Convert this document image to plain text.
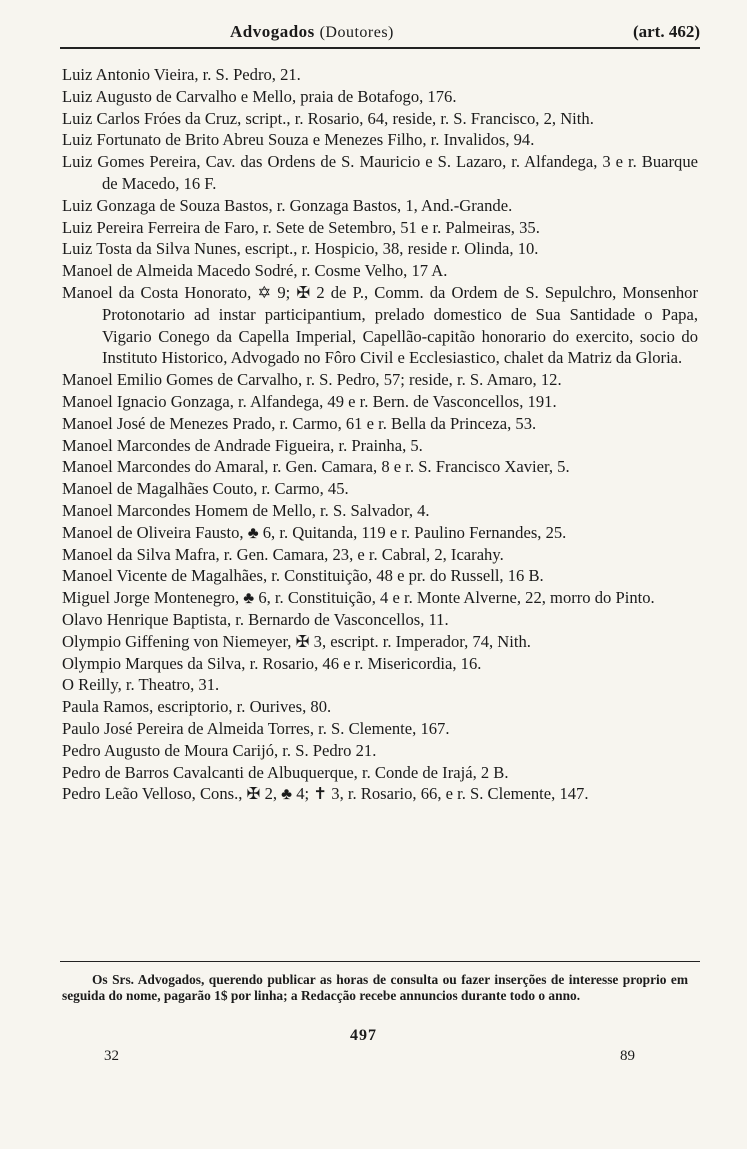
Advogados (Doutores)	(art. 462)
Luiz Antonio Vieira, r. S. Pedro, 21.
Luiz Augusto de Carvalho e Mello, praia de Botafogo, 176.
Luiz Carlos Fróes da Cruz, script., r. Rosario, 64, reside, r. S. Francisco, 2, Nith.
Luiz Fortunato de Brito Abreu Souza e Menezes Filho, r. Invalidos, 94.
Luiz Gomes Pereira, Cav. das Ordens de S. Mauricio e S. Lazaro, r. Alfandega, 3 e r. Buarque de Macedo, 16 F.
Luiz Gonzaga de Souza Bastos, r. Gonzaga Bastos, 1, And.-Grande.
Luiz Pereira Ferreira de Faro, r. Sete de Setembro, 51 e r. Palmeiras, 35.
Luiz Tosta da Silva Nunes, escript., r. Hospicio, 38, reside r. Olinda, 10.
Manoel de Almeida Macedo Sodré, r. Cosme Velho, 17 A.
Manoel da Costa Honorato, ✡ 9; ✠ 2 de P., Comm. da Ordem de S. Sepulchro, Monsenhor Protonotario ad instar participantium, prelado domestico de Sua Santidade o Papa, Vigario Conego da Capella Imperial, Capellão-capitão honorario do exercito, socio do Instituto Historico, Advogado no Fôro Civil e Ecclesiastico, chalet da Matriz da Gloria.
Manoel Emilio Gomes de Carvalho, r. S. Pedro, 57; reside, r. S. Amaro, 12.
Manoel Ignacio Gonzaga, r. Alfandega, 49 e r. Bern. de Vasconcellos, 191.
Manoel José de Menezes Prado, r. Carmo, 61 e r. Bella da Princeza, 53.
Manoel Marcondes de Andrade Figueira, r. Prainha, 5.
Manoel Marcondes do Amaral, r. Gen. Camara, 8 e r. S. Francisco Xavier, 5.
Manoel de Magalhães Couto, r. Carmo, 45.
Manoel Marcondes Homem de Mello, r. S. Salvador, 4.
Manoel de Oliveira Fausto, ♣ 6, r. Quitanda, 119 e r. Paulino Fernandes, 25.
Manoel da Silva Mafra, r. Gen. Camara, 23, e r. Cabral, 2, Icarahy.
Manoel Vicente de Magalhães, r. Constituição, 48 e pr. do Russell, 16 B.
Miguel Jorge Montenegro, ♣ 6, r. Constituição, 4 e r. Monte Alverne, 22, morro do Pinto.
Olavo Henrique Baptista, r. Bernardo de Vasconcellos, 11.
Olympio Giffening von Niemeyer, ✠ 3, escript. r. Imperador, 74, Nith.
Olympio Marques da Silva, r. Rosario, 46 e r. Misericordia, 16.
O Reilly, r. Theatro, 31.
Paula Ramos, escriptorio, r. Ourives, 80.
Paulo José Pereira de Almeida Torres, r. S. Clemente, 167.
Pedro Augusto de Moura Carijó, r. S. Pedro 21.
Pedro de Barros Cavalcanti de Albuquerque, r. Conde de Irajá, 2 B.
Pedro Leão Velloso, Cons., ✠ 2, ♣ 4; ✝ 3, r. Rosario, 66, e r. S. Clemente, 147.
Os Srs. Advogados, querendo publicar as horas de consulta ou fazer inserções de interesse proprio em seguida do nome, pagarão 1$ por linha; a Redacção recebe annuncios durante todo o anno.
497
32	89
